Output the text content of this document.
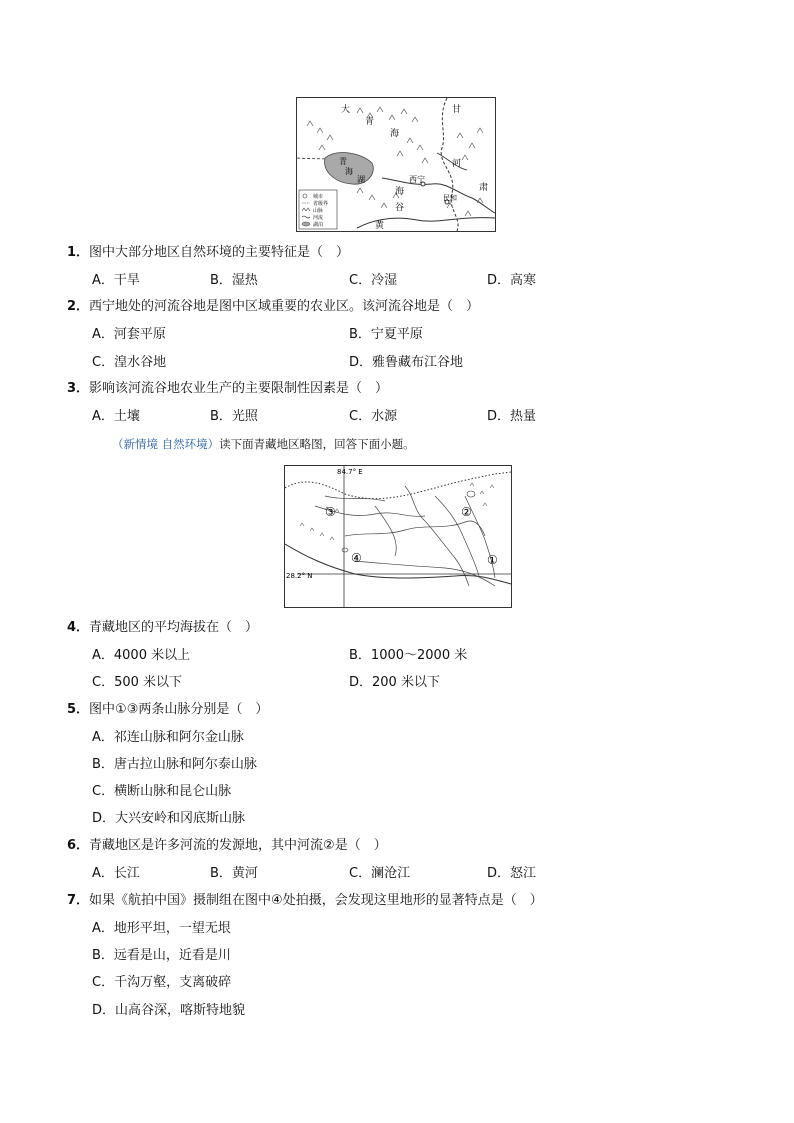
大
青
甘
海
河
肃
青
海
湖	西宁
海
民和
黄
谷
城市
省级界
山脉
河流
湖泊
1．图中大部分地区自然环境的主要特征是（　）
A．干旱	B．湿热	C．冷湿	D．高寒
2．西宁地处的河流谷地是图中区域重要的农业区。该河流谷地是（　）
A．河套平原	B．宁夏平原
C．湟水谷地	D．雅鲁藏布江谷地
3．影响该河流谷地农业生产的主要限制性因素是（　）
A．土壤	B．光照	C．水源	D．热量
（新情境 自然环境）读下面青藏地区略图，回答下面小题。
①
②
③
④
84.7° E
28.2° N
4．青藏地区的平均海拔在（　）
A．4000 米以上	B．1000～2000 米
C．500 米以下	D．200 米以下
5．图中①③两条山脉分别是（　）
A．祁连山脉和阿尔金山脉
B．唐古拉山脉和阿尔泰山脉
C．横断山脉和昆仑山脉
D．大兴安岭和冈底斯山脉
6．青藏地区是许多河流的发源地，其中河流②是（　）
A．长江	B．黄河	C．澜沧江	D．怒江
7．如果《航拍中国》摄制组在图中④处拍摄，会发现这里地形的显著特点是（　）
A．地形平坦，一望无垠
B．远看是山，近看是川
C．千沟万壑，支离破碎
D．山高谷深，喀斯特地貌
